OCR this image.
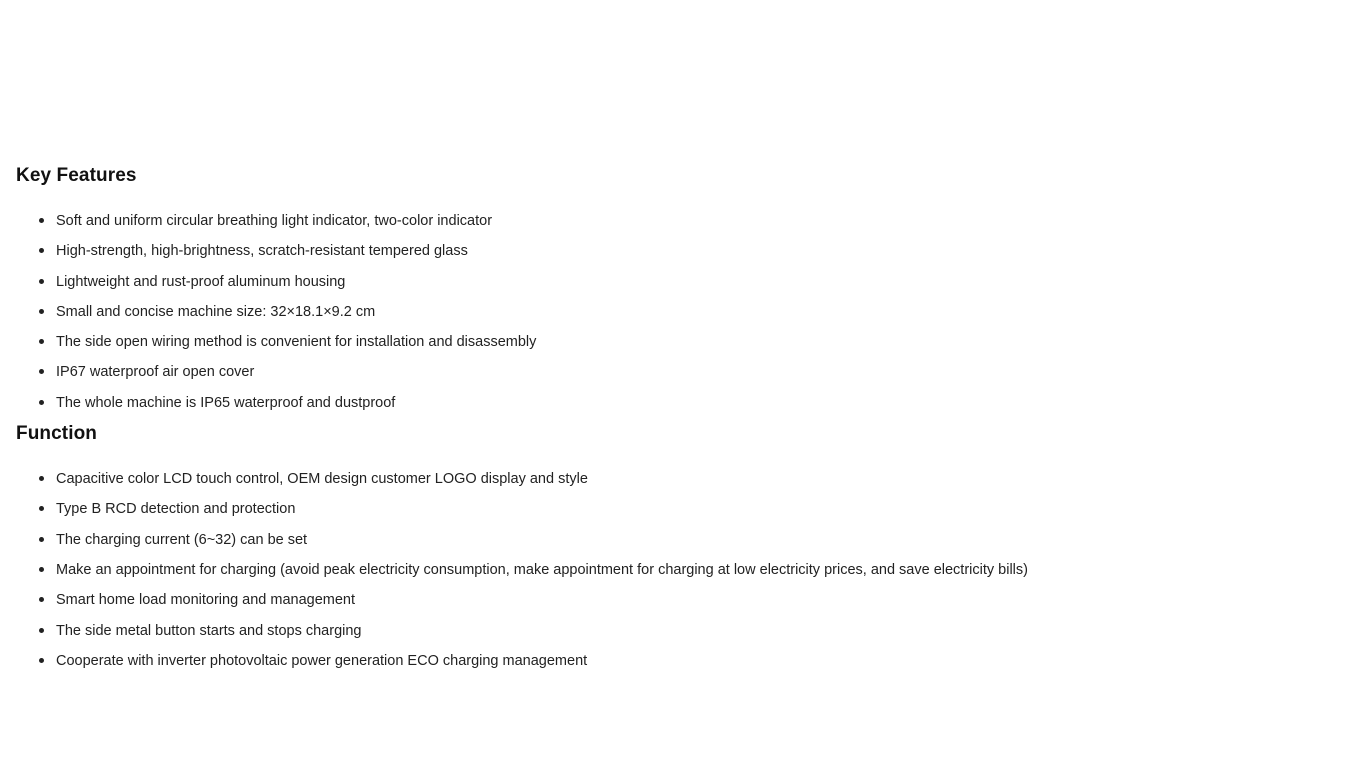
Key Features
Soft and uniform circular breathing light indicator, two-color indicator
High-strength, high-brightness, scratch-resistant tempered glass
Lightweight and rust-proof aluminum housing
Small and concise machine size: 32×18.1×9.2 cm
The side open wiring method is convenient for installation and disassembly
IP67 waterproof air open cover
The whole machine is IP65 waterproof and dustproof
Function
Capacitive color LCD touch control, OEM design customer LOGO display and style
Type B RCD detection and protection
The charging current (6~32) can be set
Make an appointment for charging (avoid peak electricity consumption, make appointment for charging at low electricity prices, and save electricity bills)
Smart home load monitoring and management
The side metal button starts and stops charging
Cooperate with inverter photovoltaic power generation ECO charging management
